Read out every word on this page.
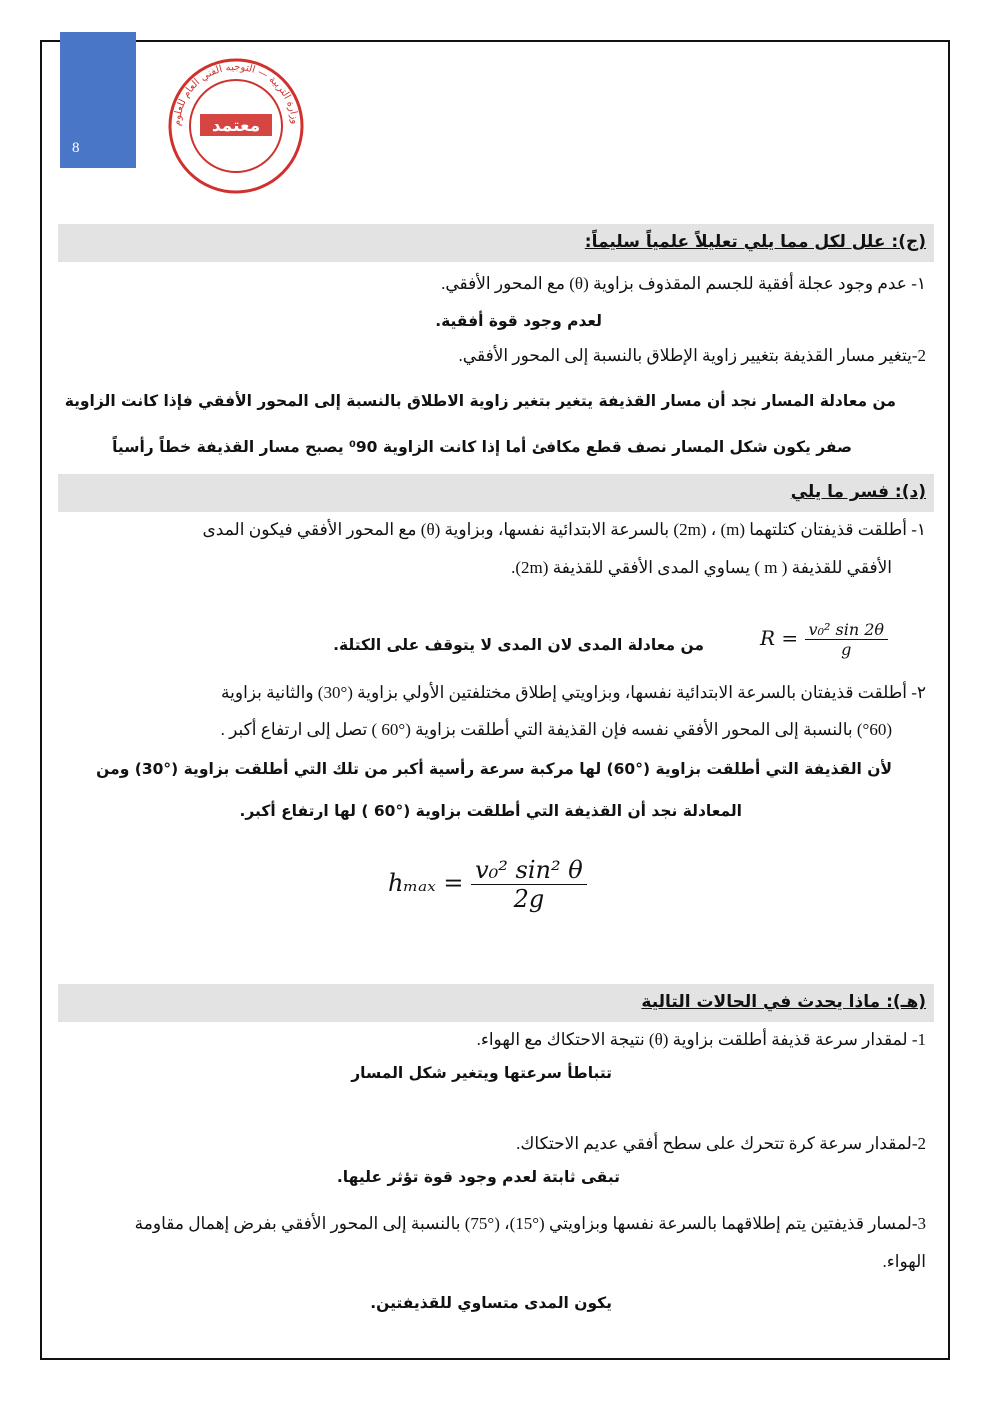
8
وزارة التربية — التوجيه الفني العام للعلوم
معتمد
(ج): علل لكل مما يلي تعليلاً علمياً سليماً:
١- عدم وجود عجلة أفقية للجسم المقذوف بزاوية (θ) مع المحور الأفقي.
لعدم وجود قوة أفقية.
2-يتغير مسار القذيفة بتغيير زاوية الإطلاق بالنسبة إلى المحور الأفقي.
من معادلة المسار نجد أن مسار القذيفة يتغير بتغير زاوية الاطلاق بالنسبة إلى المحور الأفقي فإذا كانت الزاوية
صفر يكون شكل المسار نصف قطع مكافئ أما إذا كانت الزاوية ⁰90 يصبح مسار القذيفة خطاً رأسياً
(د): فسر ما يلي
١- أطلقت قذيفتان كتلتهما (m) ، (2m) بالسرعة الابتدائية نفسها، وبزاوية (θ) مع المحور الأفقي فيكون المدى
الأفقي للقذيفة ( m ) يساوي المدى الأفقي للقذيفة (2m).
$R = \frac{\text{v₀² sin 2θ}}{g}$
من معادلة المدى لان المدى لا يتوقف على الكتلة.
٢- أطلقت قذيفتان بالسرعة الابتدائية نفسها، وبزاويتي إطلاق مختلفتين الأولي بزاوية (°30) والثانية بزاوية
(°60) بالنسبة إلى المحور الأفقي نفسه فإن القذيفة التي أطلقت بزاوية (°60 ) تصل إلى ارتفاع أكبر .
لأن القذيفة التي أطلقت بزاوية (°60) لها مركبة سرعة رأسية أكبر من تلك التي أطلقت بزاوية (°30) ومن
المعادلة نجد أن القذيفة التي أطلقت بزاوية (°60 ) لها ارتفاع أكبر.
$h_{max} = \frac{\text{v₀² sin² θ}}{2g}$
(هـ): ماذا يحدث في الحالات التالية
1- لمقدار سرعة قذيفة أطلقت بزاوية (θ) نتيجة الاحتكاك مع الهواء.
تتباطأ سرعتها ويتغير شكل المسار
2-لمقدار سرعة كرة تتحرك على سطح أفقي عديم الاحتكاك.
تبقى ثابتة لعدم وجود قوة تؤثر عليها.
3-لمسار قذيفتين يتم إطلاقهما بالسرعة نفسها وبزاويتي (°15)، (°75) بالنسبة إلى المحور الأفقي بفرض إهمال مقاومة
الهواء.
يكون المدى متساوي للقذيفتين.
